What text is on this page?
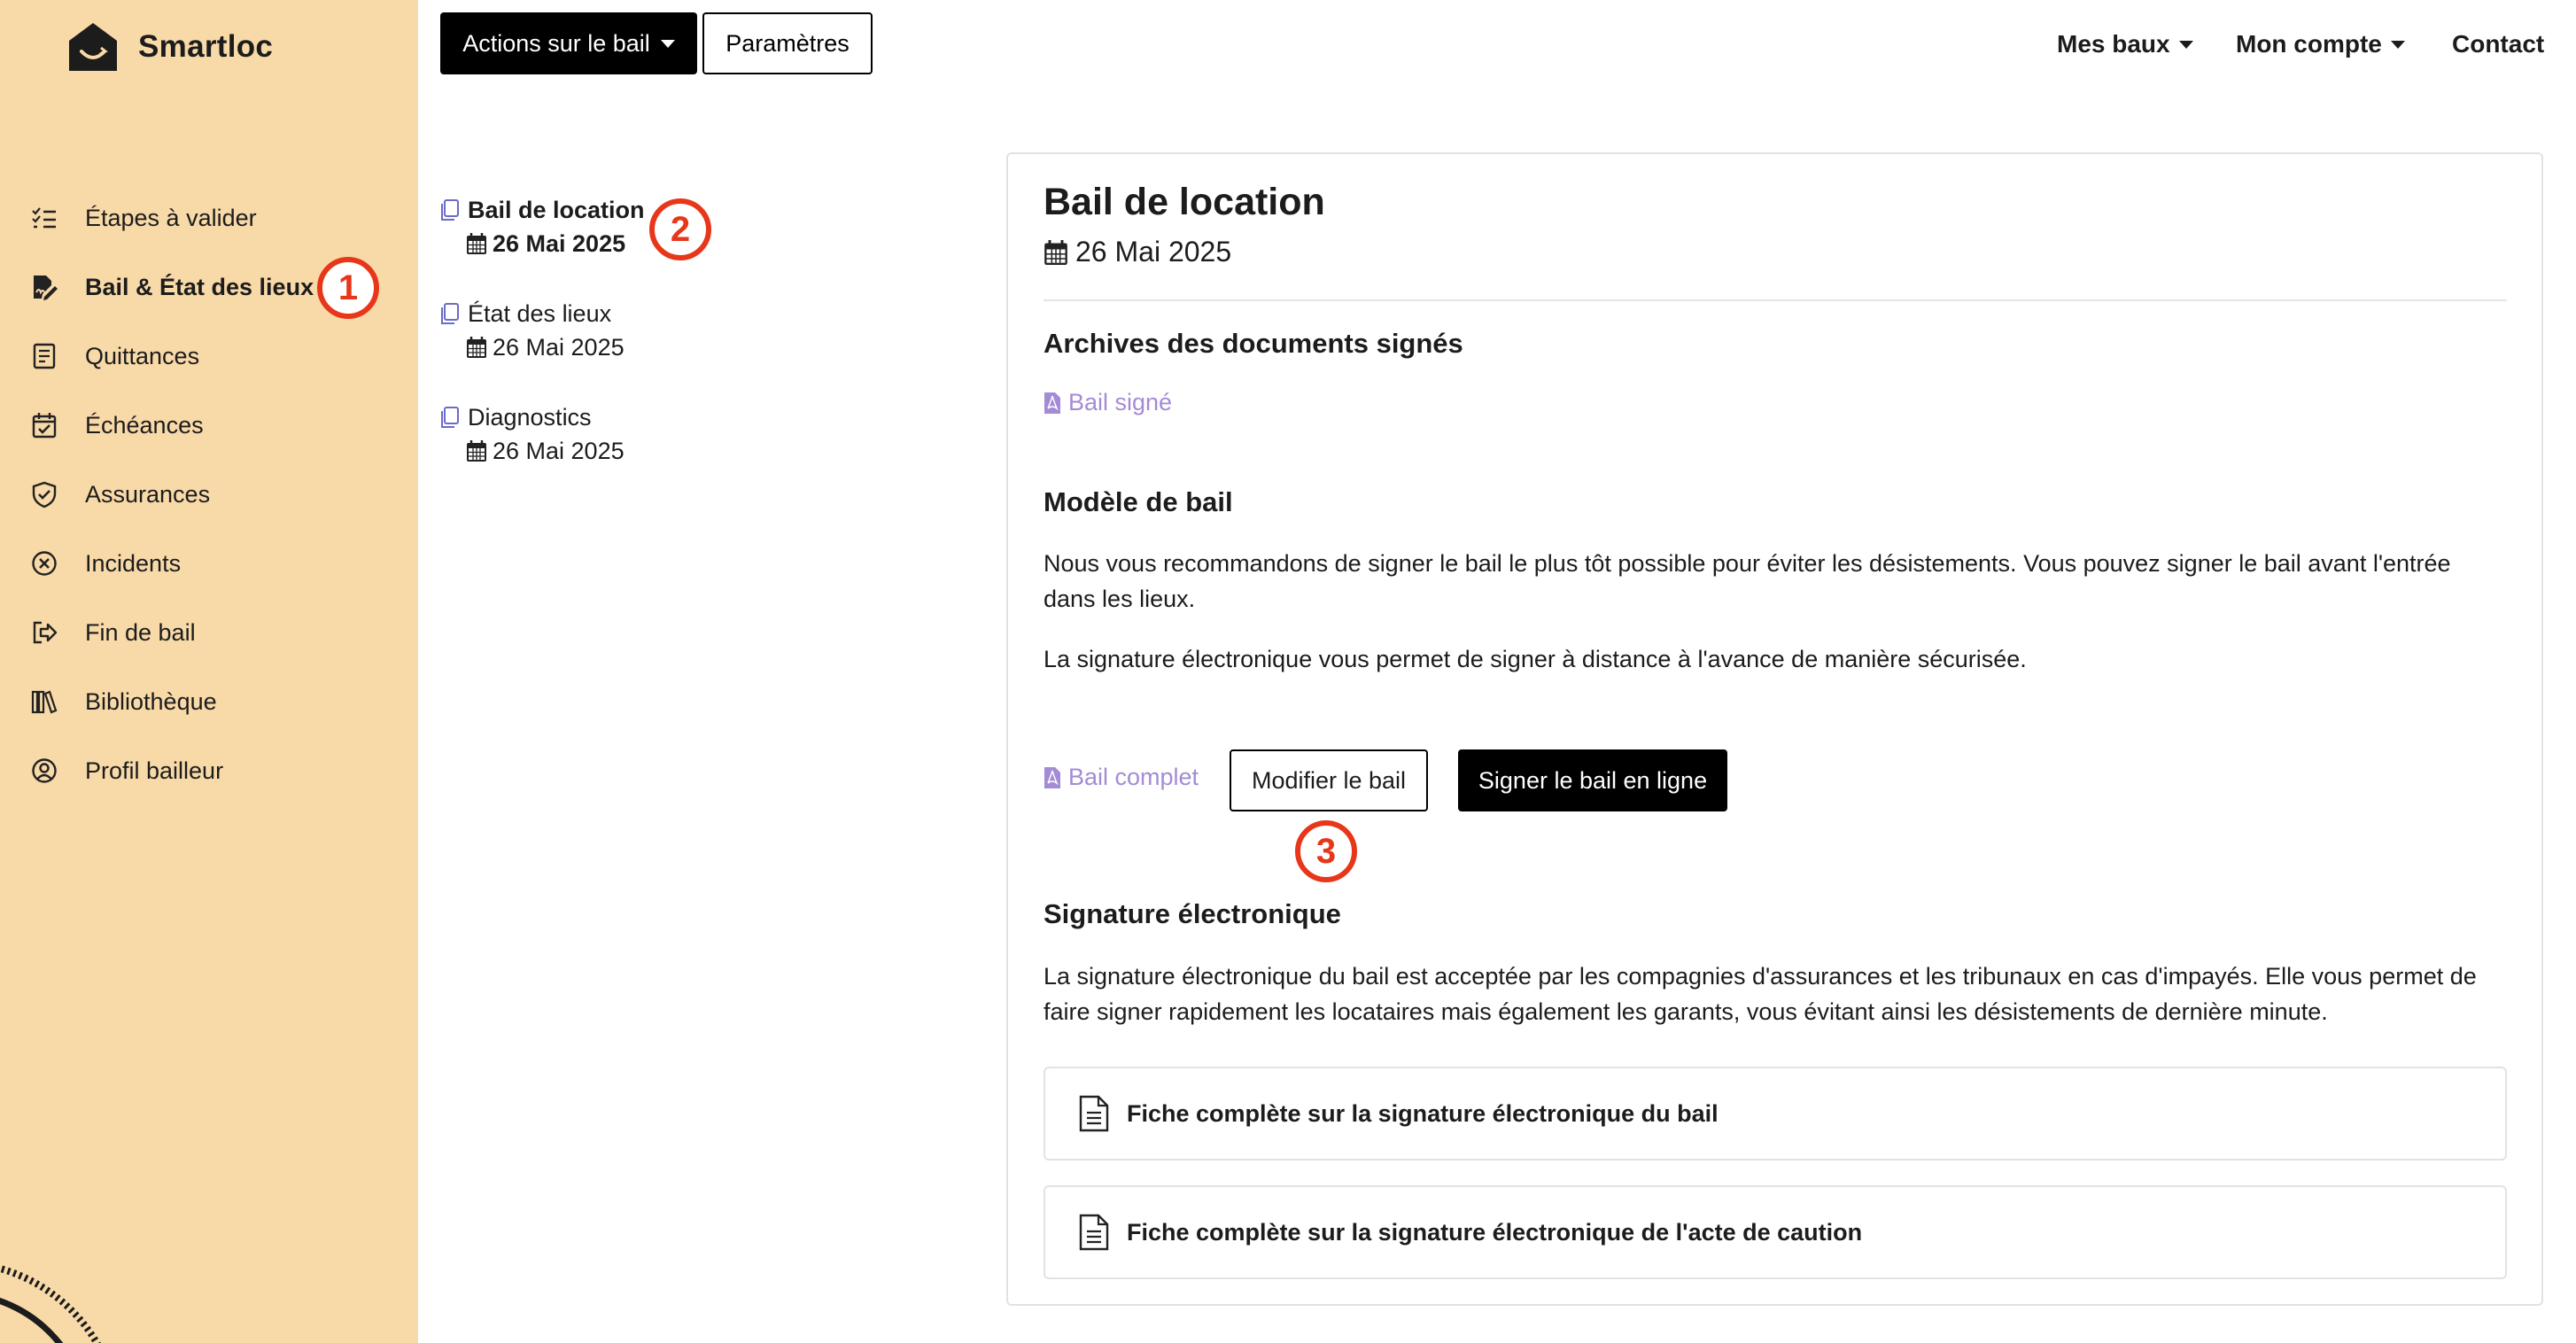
Smartloc
Étapes à valider
Bail & État des lieux
Quittances
Échéances
Assurances
Incidents
Fin de bail
Bibliothèque
Profil bailleur
1
Actions sur le bail	Paramètres	Mes baux	Mon compte	Contact
Bail de location
26 Mai 2025	2
État des lieux
26 Mai 2025
Diagnostics
26 Mai 2025
Bail de location
26 Mai 2025
Archives des documents signés
Bail signé
Modèle de bail
Nous vous recommandons de signer le bail le plus tôt possible pour éviter les désistements. Vous pouvez signer le bail avant l'entrée dans les lieux.
La signature électronique vous permet de signer à distance à l'avance de manière sécurisée.
Bail complet	Modifier le bail	Signer le bail en ligne
3
Signature électronique
La signature électronique du bail est acceptée par les compagnies d'assurances et les tribunaux en cas d'impayés. Elle vous permet de faire signer rapidement les locataires mais également les garants, vous évitant ainsi les désistements de dernière minute.
Fiche complète sur la signature électronique du bail
Fiche complète sur la signature électronique de l'acte de caution
